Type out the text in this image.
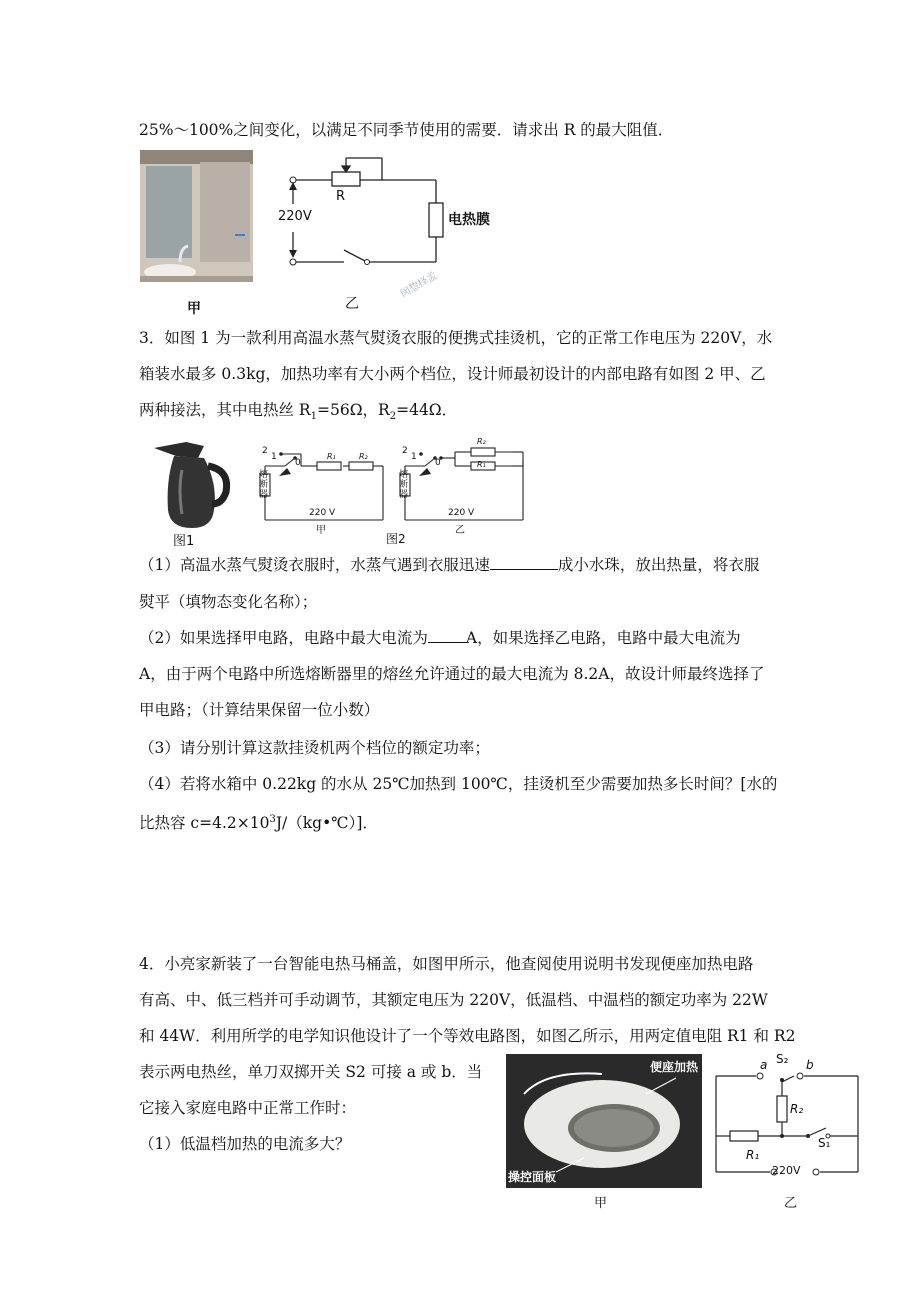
25%～100%之间变化，以满足不同季节使用的需要．请求出 R 的最大阻值．
甲
R
220V	电热膜
乙
闵惣择孟
3．如图 1 为一款利用高温水蒸气熨烫衣服的便携式挂烫机，它的正常工作电压为 220V，水
箱装水最多 0.3kg，加热功率有大小两个档位，设计师最初设计的内部电路有如图 2 甲、乙
两种接法，其中电热丝 $R_1=56\Omega$，$R_2=44\Omega$．
图1
熔断器
2
1
0
R₁	R₂
220 V
甲
熔断器
2
1
0
R₂
R₁
220 V
乙
图2
（1）高温水蒸气熨烫衣服时，水蒸气遇到衣服迅速	成小水珠，放出热量，将衣服
熨平（填物态变化名称）；
（2）如果选择甲电路，电路中最大电流为 A，如果选择乙电路，电路中最大电流为
A，由于两个电路中所选熔断器里的熔丝允许通过的最大电流为 8.2A，故设计师最终选择了
甲电路；（计算结果保留一位小数）
（3）请分别计算这款挂烫机两个档位的额定功率；
（4）若将水箱中 0.22kg 的水从 25℃加热到 100℃，挂烫机至少需要加热多长时间？[水的
比热容 $c=4.2\times 10^3J/(kg•℃)$]．
4．小亮家新装了一台智能电热马桶盖，如图甲所示，他查阅使用说明书发现便座加热电路
有高、中、低三档并可手动调节，其额定电压为 220V，低温档、中温档的额定功率为 22W
和 44W．利用所学的电学知识他设计了一个等效电路图，如图乙所示，用两定值电阻 R1 和 R2
表示两电热丝，单刀双掷开关 S2 可接 a 或 b．当
它接入家庭电路中正常工作时：
（1）低温档加热的电流多大？
便座加热
操控面板
甲
a	b
S₂
R₂
R₁
S₁
220V
乙
